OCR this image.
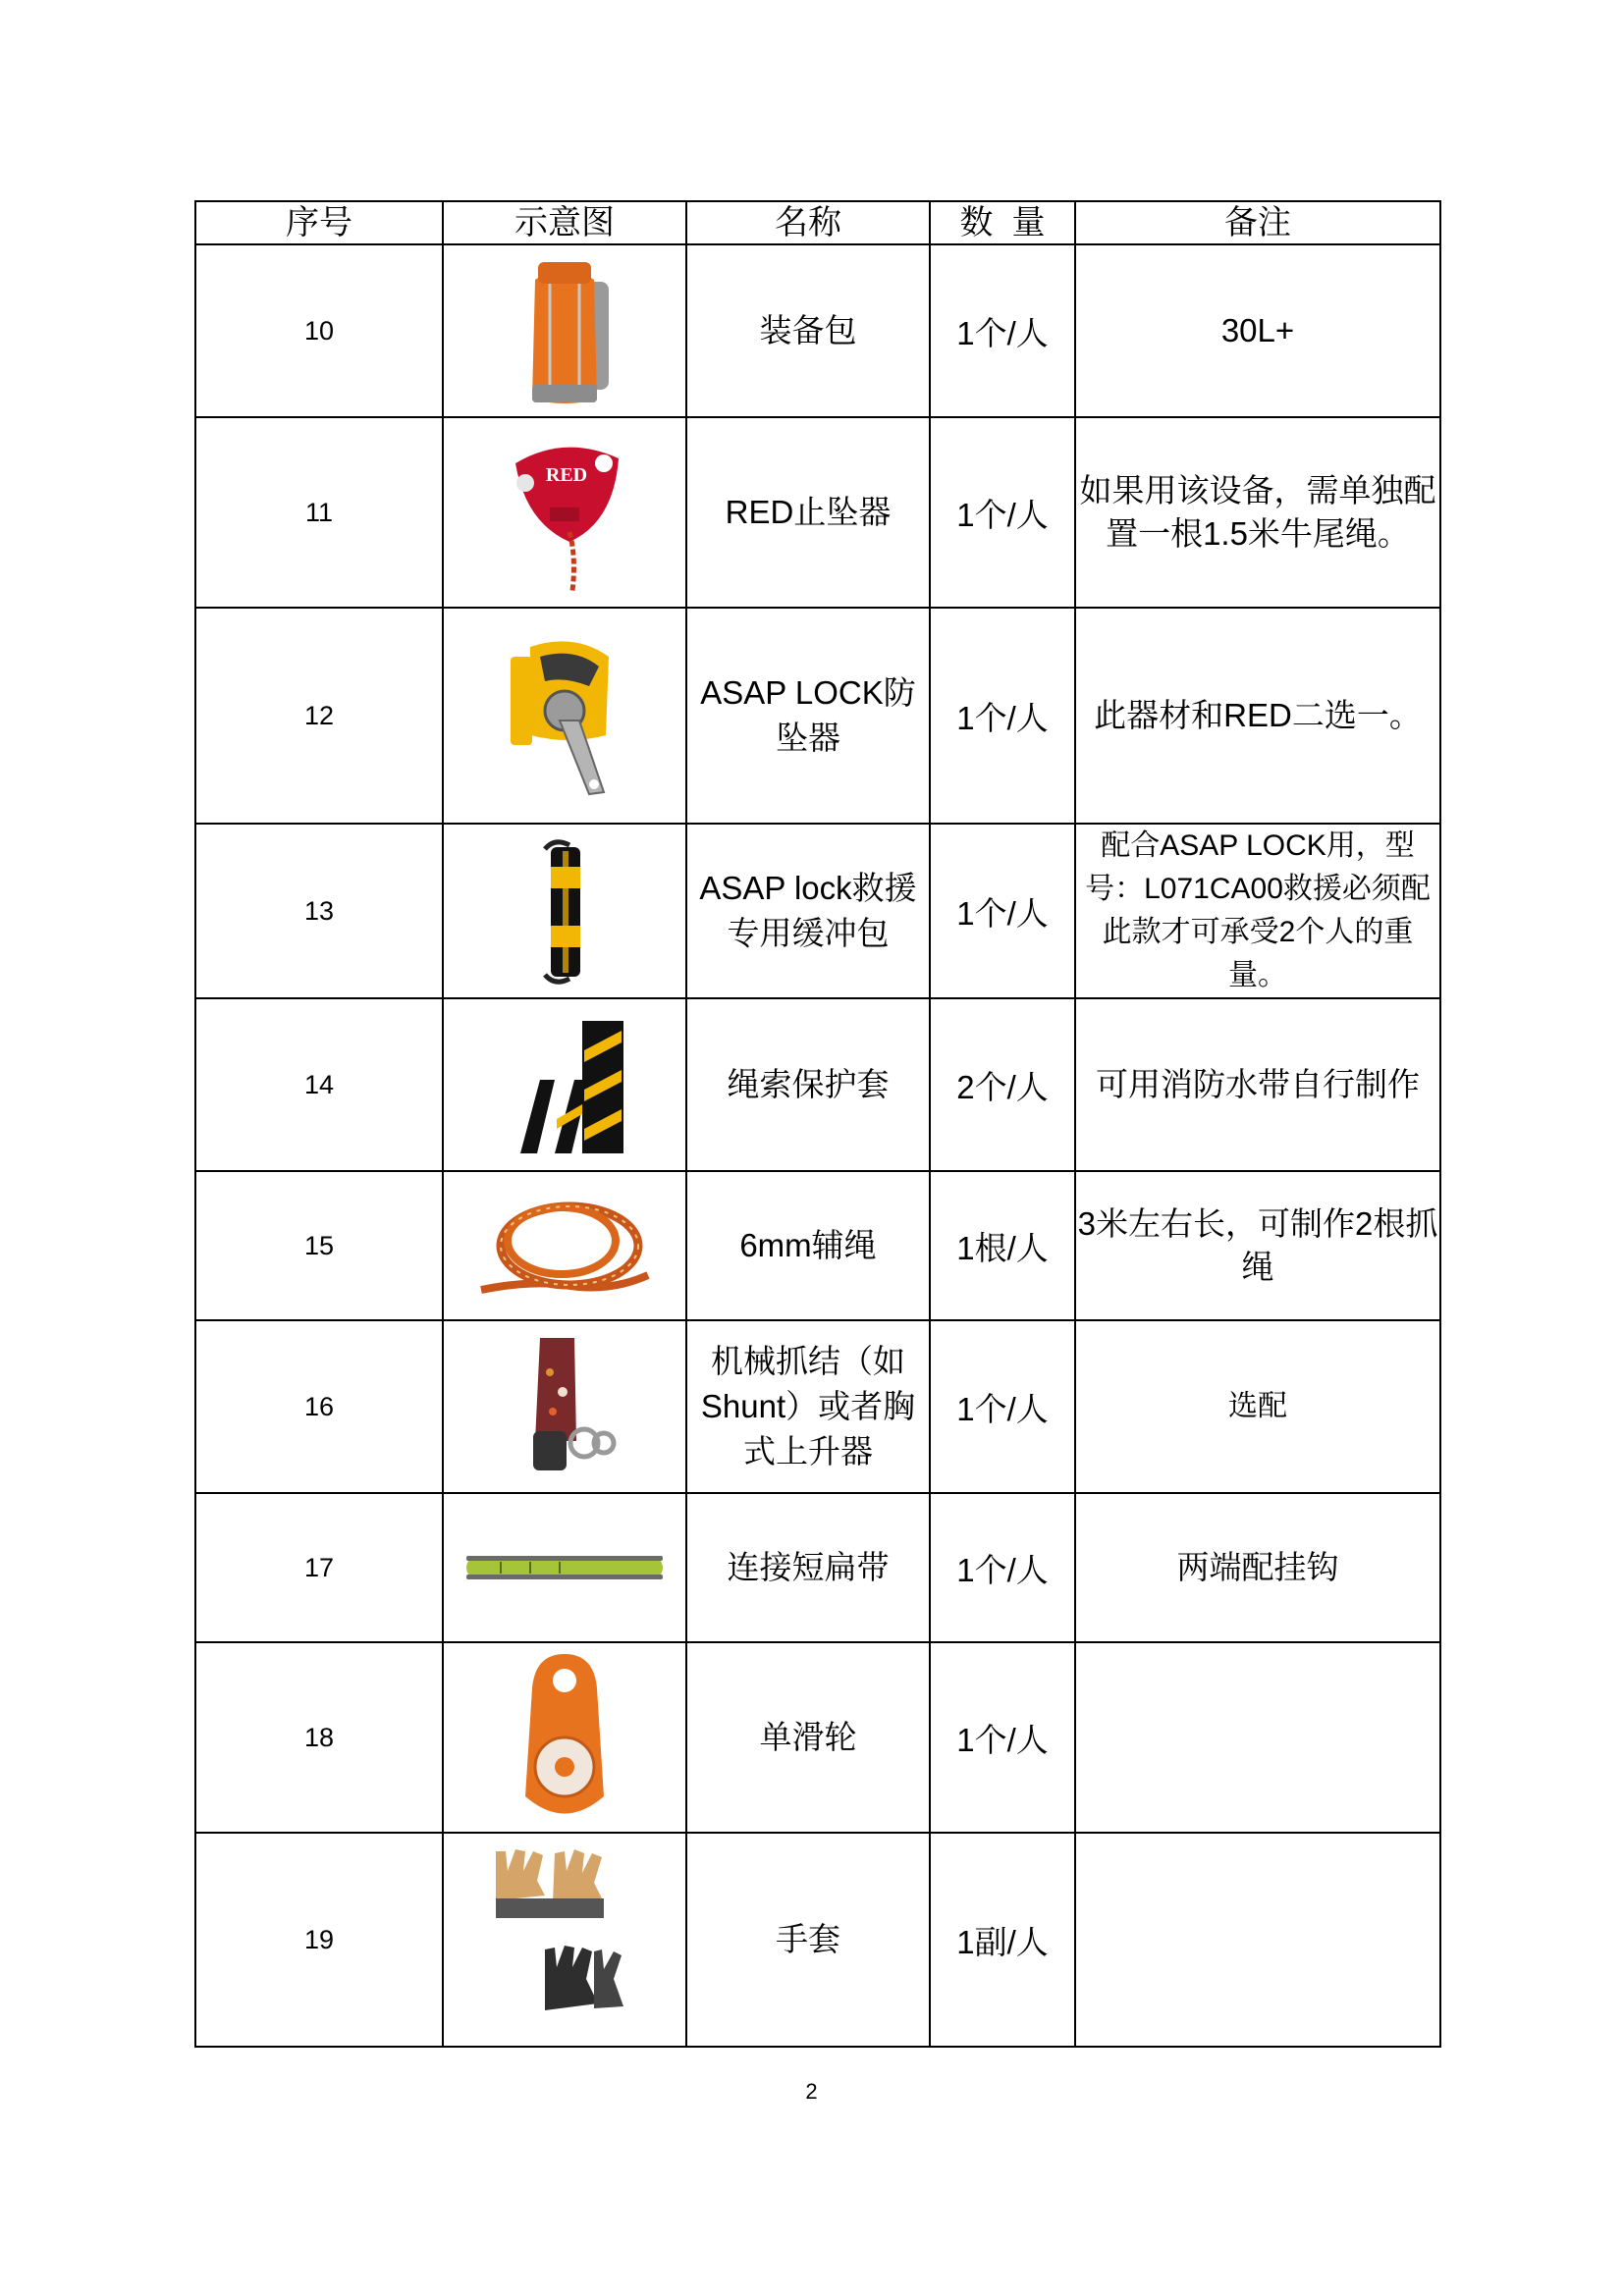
序号	示意图	名称	数  量	备注
10		装备包	1个/人	30L+
11	RED	RED止坠器	1个/人	如果用该设备，需单独配置一根1.5米牛尾绳。
12		ASAP LOCK防坠器	1个/人	此器材和RED二选一。
13		ASAP lock救援专用缓冲包	1个/人	配合ASAP LOCK用，型号：L071CA00救援必须配此款才可承受2个人的重量。
14		绳索保护套	2个/人	可用消防水带自行制作
15		6mm辅绳	1根/人	3米左右长，可制作2根抓绳
16		机械抓结（如Shunt）或者胸式上升器	1个/人	选配
17		连接短扁带	1个/人	两端配挂钩
18		单滑轮	1个/人	
19		手套	1副/人	
2
